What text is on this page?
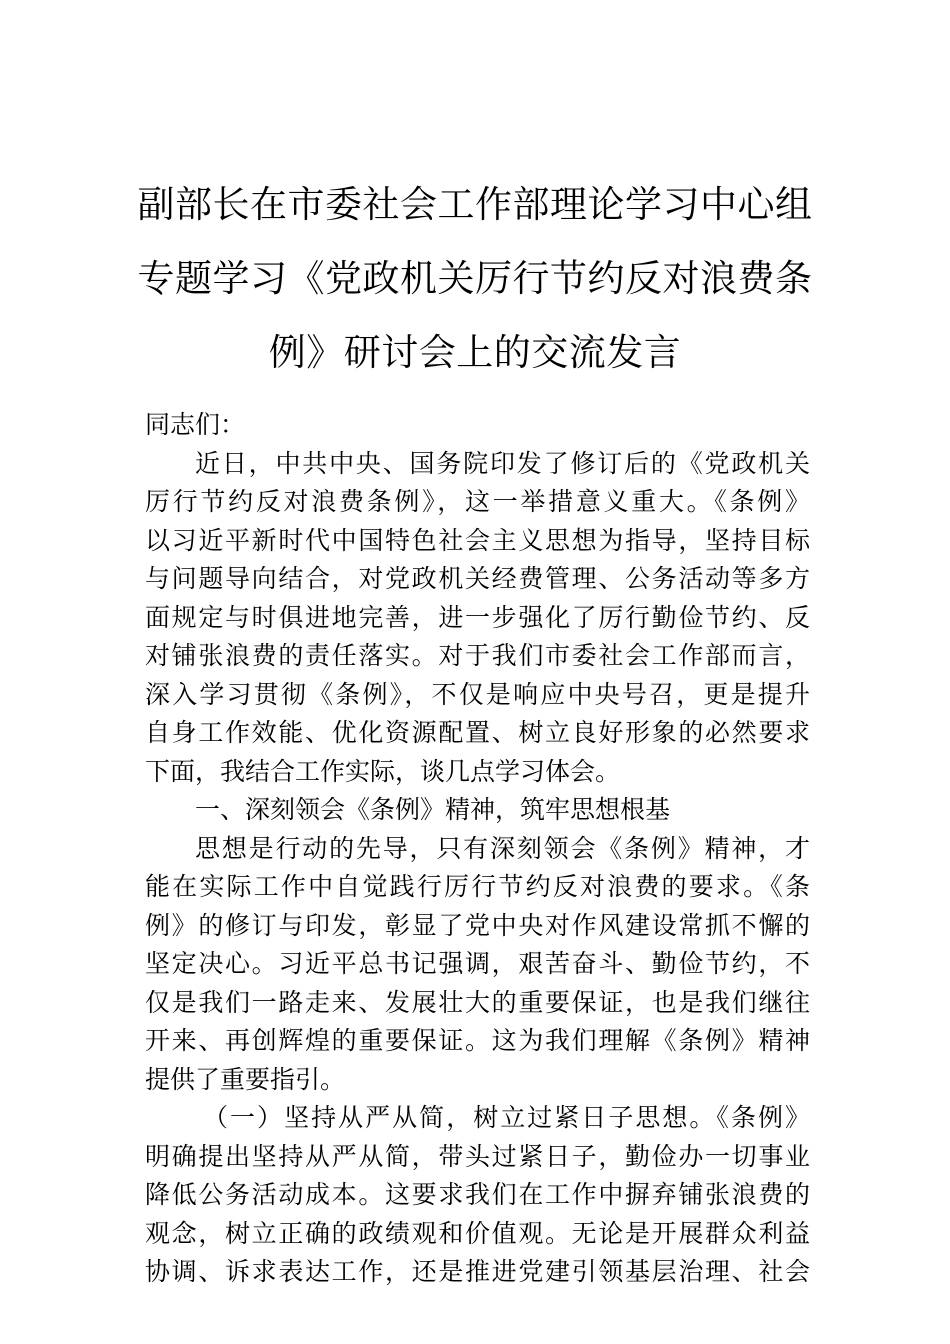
副部长在市委社会工作部理论学习中心组
专题学习《党政机关厉行节约反对浪费条
例》研讨会上的交流发言
同志们：
近日，中共中央、国务院印发了修订后的《党政机关
厉行节约反对浪费条例》，这一举措意义重大。《条例》
以习近平新时代中国特色社会主义思想为指导，坚持目标
与问题导向结合，对党政机关经费管理、公务活动等多方
面规定与时俱进地完善，进一步强化了厉行勤俭节约、反
对铺张浪费的责任落实。对于我们市委社会工作部而言，
深入学习贯彻《条例》，不仅是响应中央号召，更是提升
自身工作效能、优化资源配置、树立良好形象的必然要求
下面，我结合工作实际，谈几点学习体会。
一、深刻领会《条例》精神，筑牢思想根基
思想是行动的先导，只有深刻领会《条例》精神，才
能在实际工作中自觉践行厉行节约反对浪费的要求。《条
例》的修订与印发，彰显了党中央对作风建设常抓不懈的
坚定决心。习近平总书记强调，艰苦奋斗、勤俭节约，不
仅是我们一路走来、发展壮大的重要保证，也是我们继往
开来、再创辉煌的重要保证。这为我们理解《条例》精神
提供了重要指引。
（一）坚持从严从简，树立过紧日子思想。《条例》
明确提出坚持从严从简，带头过紧日子，勤俭办一切事业
降低公务活动成本。这要求我们在工作中摒弃铺张浪费的
观念，树立正确的政绩观和价值观。无论是开展群众利益
协调、诉求表达工作，还是推进党建引领基层治理、社会
